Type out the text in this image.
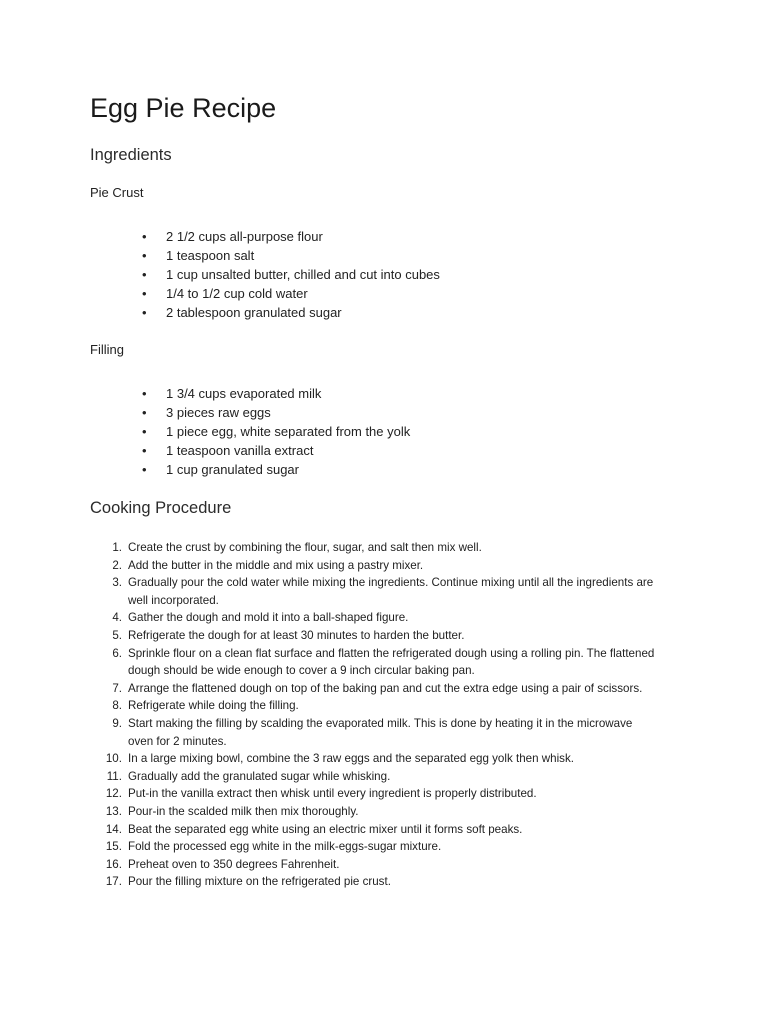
Egg Pie Recipe
Ingredients
Pie Crust
• 2 1/2 cups all-purpose flour
• 1 teaspoon salt
• 1 cup unsalted butter, chilled and cut into cubes
• 1/4 to 1/2 cup cold water
• 2 tablespoon granulated sugar
Filling
• 1 3/4 cups evaporated milk
• 3 pieces raw eggs
• 1 piece egg, white separated from the yolk
• 1 teaspoon vanilla extract
• 1 cup granulated sugar
Cooking Procedure
1 . Create the crust by combining the flour, sugar, and salt then mix well.
2 . Add the butter in the middle and mix using a pastry mixer.
3 . Gradually pour the cold water while mixing the ingredients. Continue mixing until all the ingredients are well incorporated.
4 . Gather the dough and mold it into a ball-shaped figure.
5 . Refrigerate the dough for at least 30 minutes to harden the butter.
6 . Sprinkle flour on a clean flat surface and flatten the refrigerated dough using a rolling pin. The flattened dough should be wide enough to cover a 9 inch circular baking pan.
7 . Arrange the flattened dough on top of the baking pan and cut the extra edge using a pair of scissors.
8 . Refrigerate while doing the filling.
9 . Start making the filling by scalding the evaporated milk. This is done by heating it in the microwave oven for 2 minutes.
10 . In a large mixing bowl, combine the 3 raw eggs and the separated egg yolk then whisk.
11 . Gradually add the granulated sugar while whisking.
12 . Put-in the vanilla extract then whisk until every ingredient is properly distributed.
13 . Pour-in the scalded milk then mix thoroughly.
14 . Beat the separated egg white using an electric mixer until it forms soft peaks.
15 . Fold the processed egg white in the milk-eggs-sugar mixture.
16 . Preheat oven to 350 degrees Fahrenheit.
17 . Pour the filling mixture on the refrigerated pie crust.
